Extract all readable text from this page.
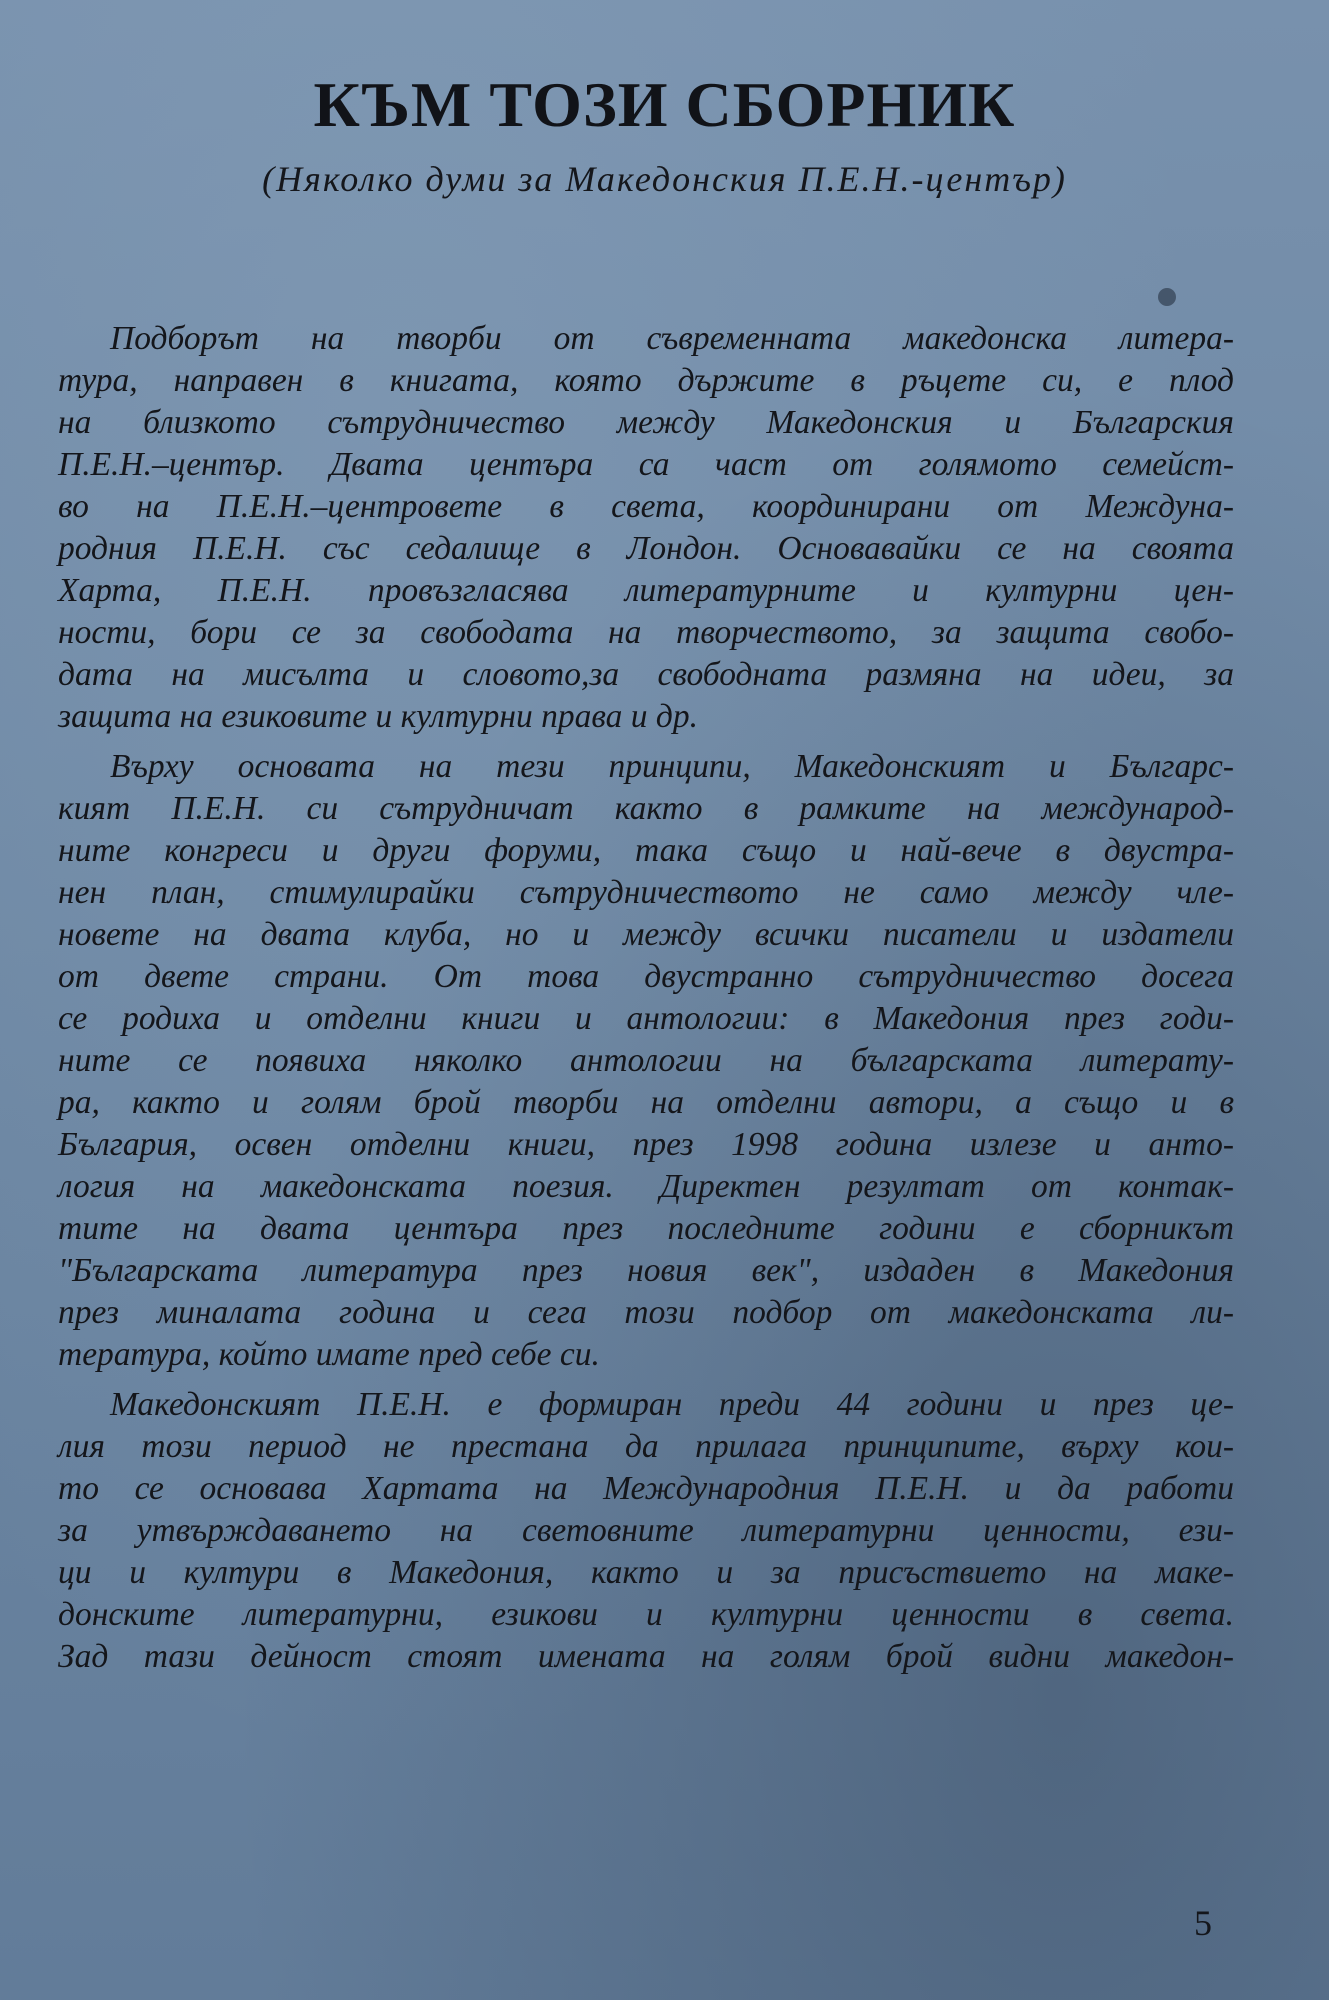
КЪМ ТОЗИ СБОРНИК
(Няколко думи за Македонския П.Е.Н.-център)
Подборът на творби от съвременната македонска литера-
тура, направен в книгата, която държите в ръцете си, е плод
на близкото сътрудничество между Македонския и Българския
П.Е.Н.–център. Двата центъра са част от голямото семейст-
во на П.Е.Н.–центровете в света, координирани от Междуна-
родния П.Е.Н. със седалище в Лондон. Основавайки се на своята
Харта, П.Е.Н. провъзгласява литературните и културни цен-
ности, бори се за свободата на творчеството, за защита свобо-
дата на мисълта и словото,за свободната размяна на идеи, за
защита на езиковите и културни права и др.
Върху основата на тези принципи, Македонският и Българс-
кият П.Е.Н. си сътрудничат както в рамките на международ-
ните конгреси и други форуми, така също и най-вече в двустра-
нен план, стимулирайки сътрудничеството не само между чле-
новете на двата клуба, но и между всички писатели и издатели
от двете страни. От това двустранно сътрудничество досега
се родиха и отделни книги и антологии: в Македония през годи-
ните се появиха няколко антологии на българската литерату-
ра, както и голям брой творби на отделни автори, а също и в
България, освен отделни книги, през 1998 година излезе и анто-
логия на македонската поезия. Директен резултат от контак-
тите на двата центъра през последните години е сборникът
"Българската литература през новия век", издаден в Македония
през миналата година и сега този подбор от македонската ли-
тература, който имате пред себе си.
Македонският П.Е.Н. е формиран преди 44 години и през це-
лия този период не престана да прилага принципите, върху кои-
то се основава Хартата на Международния П.Е.Н. и да работи
за утвърждаването на световните литературни ценности, ези-
ци и култури в Македония, както и за присъствието на маке-
донските литературни, езикови и културни ценности в света.
Зад тази дейност стоят имената на голям брой видни македон-
5
